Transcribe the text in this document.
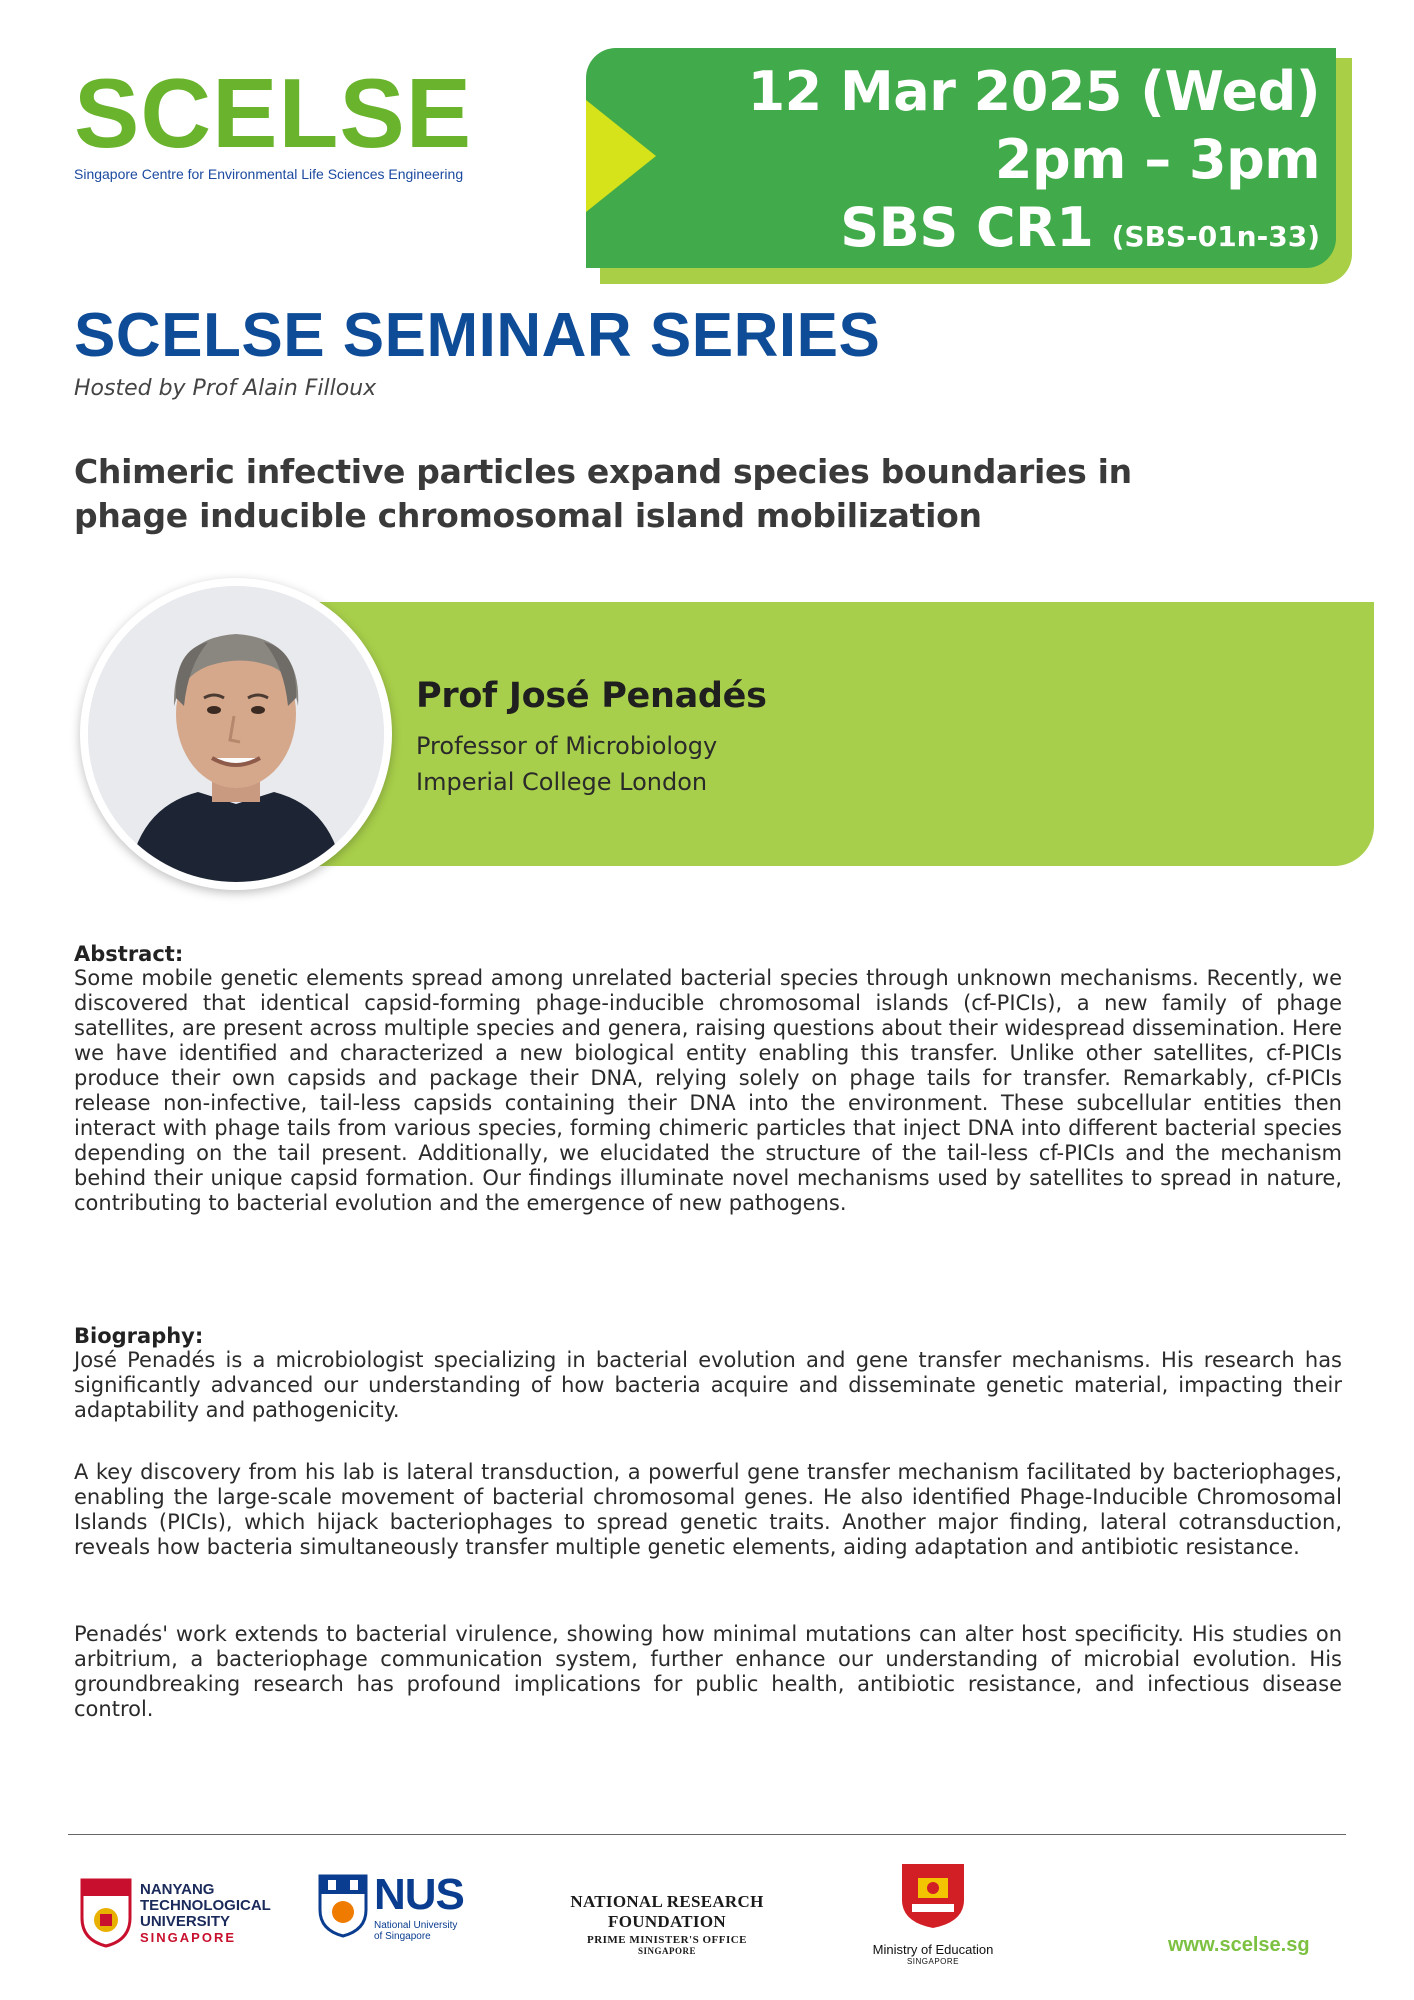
SCELSE
Singapore Centre for Environmental Life Sciences Engineering
12 Mar 2025 (Wed)
2pm – 3pm
SBS CR1 (SBS-01n-33)
SCELSE SEMINAR SERIES
Hosted by Prof Alain Filloux
Chimeric infective particles expand species boundaries in phage inducible chromosomal island mobilization
Prof José Penadés
Professor of Microbiology
Imperial College London
Abstract:
Some mobile genetic elements spread among unrelated bacterial species through unknown mechanisms. Recently, we discovered that identical capsid-forming phage-inducible chromosomal islands (cf-PICIs), a new family of phage satellites, are present across multiple species and genera, raising questions about their widespread dissemination. Here we have identified and characterized a new biological entity enabling this transfer. Unlike other satellites, cf-PICIs produce their own capsids and package their DNA, relying solely on phage tails for transfer. Remarkably, cf-PICIs release non-infective, tail-less capsids containing their DNA into the environment. These subcellular entities then interact with phage tails from various species, forming chimeric particles that inject DNA into different bacterial species depending on the tail present. Additionally, we elucidated the structure of the tail-less cf-PICIs and the mechanism behind their unique capsid formation. Our findings illuminate novel mechanisms used by satellites to spread in nature, contributing to bacterial evolution and the emergence of new pathogens.
Biography:
José Penadés is a microbiologist specializing in bacterial evolution and gene transfer mechanisms. His research has significantly advanced our understanding of how bacteria acquire and disseminate genetic material, impacting their adaptability and pathogenicity.
A key discovery from his lab is lateral transduction, a powerful gene transfer mechanism facilitated by bacteriophages, enabling the large-scale movement of bacterial chromosomal genes. He also identified Phage-Inducible Chromosomal Islands (PICIs), which hijack bacteriophages to spread genetic traits. Another major finding, lateral cotransduction, reveals how bacteria simultaneously transfer multiple genetic elements, aiding adaptation and antibiotic resistance.
Penadés' work extends to bacterial virulence, showing how minimal mutations can alter host specificity. His studies on arbitrium, a bacteriophage communication system, further enhance our understanding of microbial evolution. His groundbreaking research has profound implications for public health, antibiotic resistance, and infectious disease control.
NANYANG
TECHNOLOGICAL
UNIVERSITY
SINGAPORE
NUS
National University
of Singapore
NATIONAL RESEARCH FOUNDATION
PRIME MINISTER'S OFFICE
SINGAPORE	Ministry of Education
SINGAPORE
www.scelse.sg
